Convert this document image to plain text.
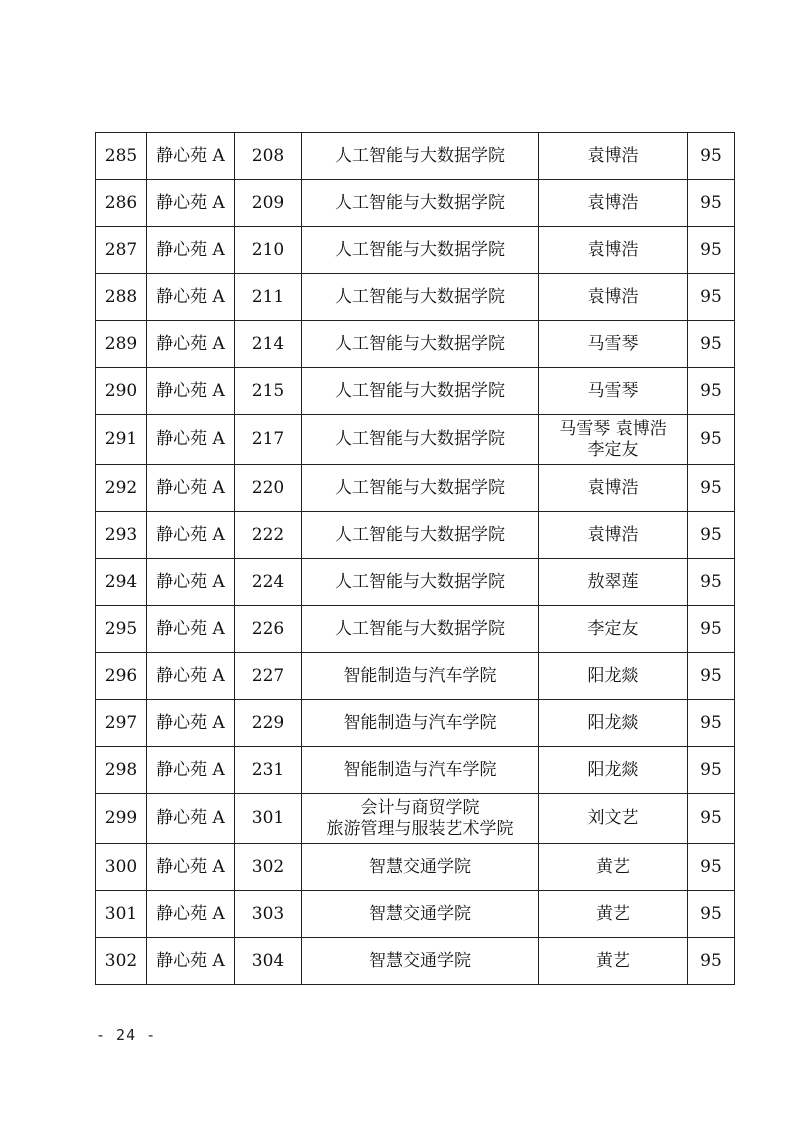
285	静心苑 A	208	人工智能与大数据学院	袁博浩	95
286	静心苑 A	209	人工智能与大数据学院	袁博浩	95
287	静心苑 A	210	人工智能与大数据学院	袁博浩	95
288	静心苑 A	211	人工智能与大数据学院	袁博浩	95
289	静心苑 A	214	人工智能与大数据学院	马雪琴	95
290	静心苑 A	215	人工智能与大数据学院	马雪琴	95
291	静心苑 A	217	人工智能与大数据学院	马雪琴 袁博浩
李定友	95
292	静心苑 A	220	人工智能与大数据学院	袁博浩	95
293	静心苑 A	222	人工智能与大数据学院	袁博浩	95
294	静心苑 A	224	人工智能与大数据学院	敖翠莲	95
295	静心苑 A	226	人工智能与大数据学院	李定友	95
296	静心苑 A	227	智能制造与汽车学院	阳龙燚	95
297	静心苑 A	229	智能制造与汽车学院	阳龙燚	95
298	静心苑 A	231	智能制造与汽车学院	阳龙燚	95
299	静心苑 A	301	会计与商贸学院
旅游管理与服装艺术学院	刘文艺	95
300	静心苑 A	302	智慧交通学院	黄艺	95
301	静心苑 A	303	智慧交通学院	黄艺	95
302	静心苑 A	304	智慧交通学院	黄艺	95
- 24 -
